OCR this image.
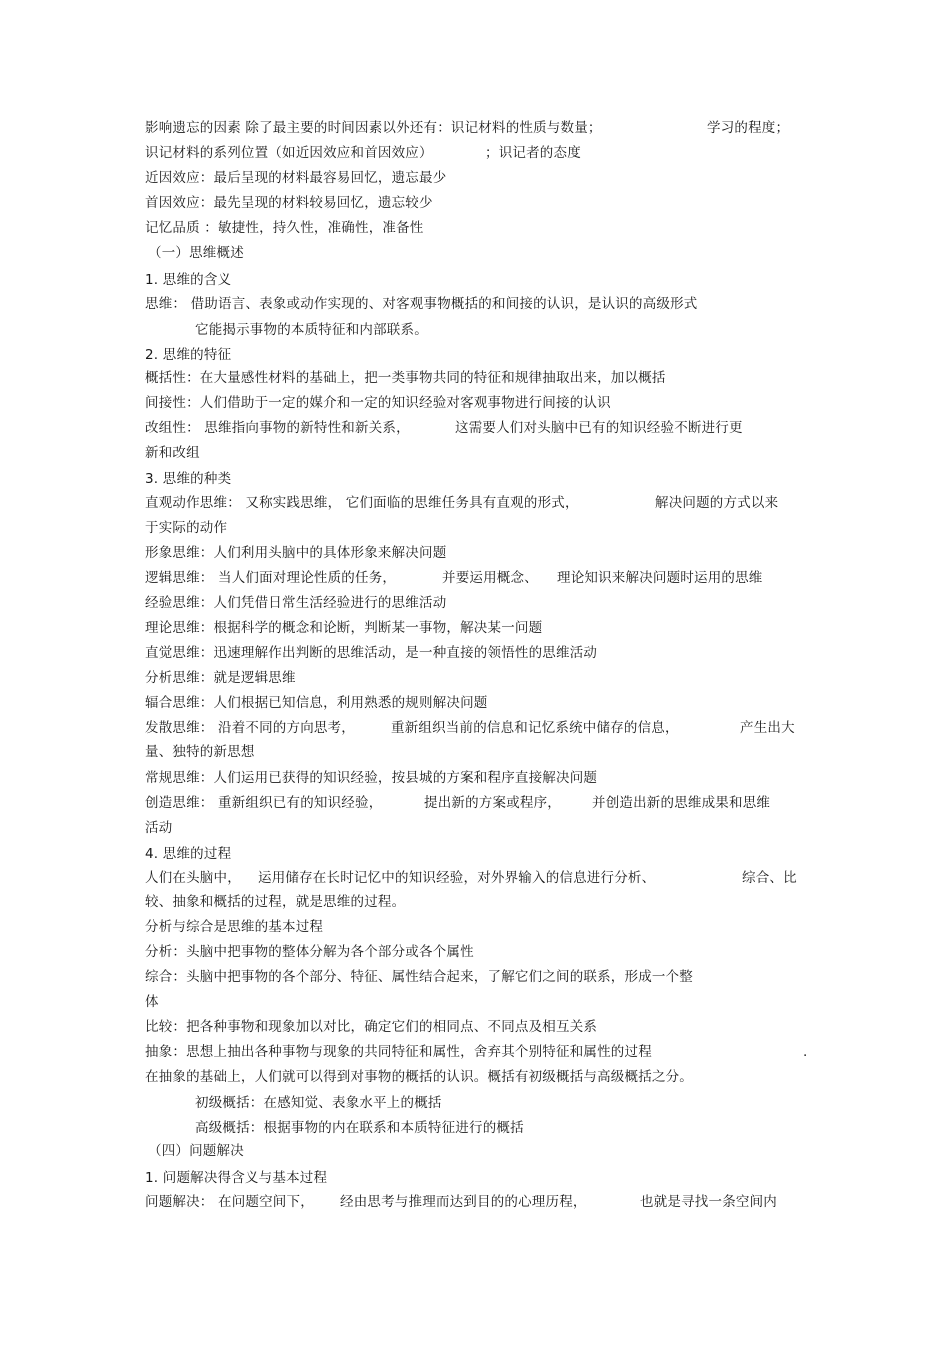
影响遗忘的因素 除了最主要的时间因素以外还有：识记材料的性质与数量；	学习的程度；
识记材料的系列位置（如近因效应和首因效应）	；识记者的态度
近因效应：最后呈现的材料最容易回忆，遗忘最少
首因效应：最先呈现的材料较易回忆，遗忘较少
记忆品质 ：敏捷性，持久性，准确性，准备性
（一）思维概述
1. 思维的含义
思维： 借助语言、表象或动作实现的、对客观事物概括的和间接的认识，是认识的高级形式
它能揭示事物的本质特征和内部联系。
2. 思维的特征
概括性：在大量感性材料的基础上，把一类事物共同的特征和规律抽取出来，加以概括
间接性：人们借助于一定的媒介和一定的知识经验对客观事物进行间接的认识
改组性： 思维指向事物的新特性和新关系，	这需要人们对头脑中已有的知识经验不断进行更
新和改组
3. 思维的种类
直观动作思维： 又称实践思维， 它们面临的思维任务具有直观的形式，	解决问题的方式以来
于实际的动作
形象思维：人们利用头脑中的具体形象来解决问题
逻辑思维： 当人们面对理论性质的任务，	并要运用概念、 理论知识来解决问题时运用的思维
经验思维：人们凭借日常生活经验进行的思维活动
理论思维：根据科学的概念和论断，判断某一事物，解决某一问题
直觉思维：迅速理解作出判断的思维活动，是一种直接的领悟性的思维活动
分析思维：就是逻辑思维
辐合思维：人们根据已知信息，利用熟悉的规则解决问题
发散思维： 沿着不同的方向思考，	重新组织当前的信息和记忆系统中储存的信息，	产生出大
量、独特的新思想
常规思维：人们运用已获得的知识经验，按县城的方案和程序直接解决问题
创造思维： 重新组织已有的知识经验，	提出新的方案或程序， 并创造出新的思维成果和思维
活动
4. 思维的过程
人们在头脑中， 运用储存在长时记忆中的知识经验，对外界输入的信息进行分析、	综合、比
较、抽象和概括的过程，就是思维的过程。
分析与综合是思维的基本过程
分析：头脑中把事物的整体分解为各个部分或各个属性
综合：头脑中把事物的各个部分、特征、属性结合起来，了解它们之间的联系，形成一个整
体
比较：把各种事物和现象加以对比，确定它们的相同点、不同点及相互关系
抽象：思想上抽出各种事物与现象的共同特征和属性，舍弃其个别特征和属性的过程	.
在抽象的基础上，人们就可以得到对事物的概括的认识。概括有初级概括与高级概括之分。
初级概括：在感知觉、表象水平上的概括
高级概括：根据事物的内在联系和本质特征进行的概括
（四）问题解决
1. 问题解决得含义与基本过程
问题解决： 在问题空间下， 经由思考与推理而达到目的的心理历程，	也就是寻找一条空间内
